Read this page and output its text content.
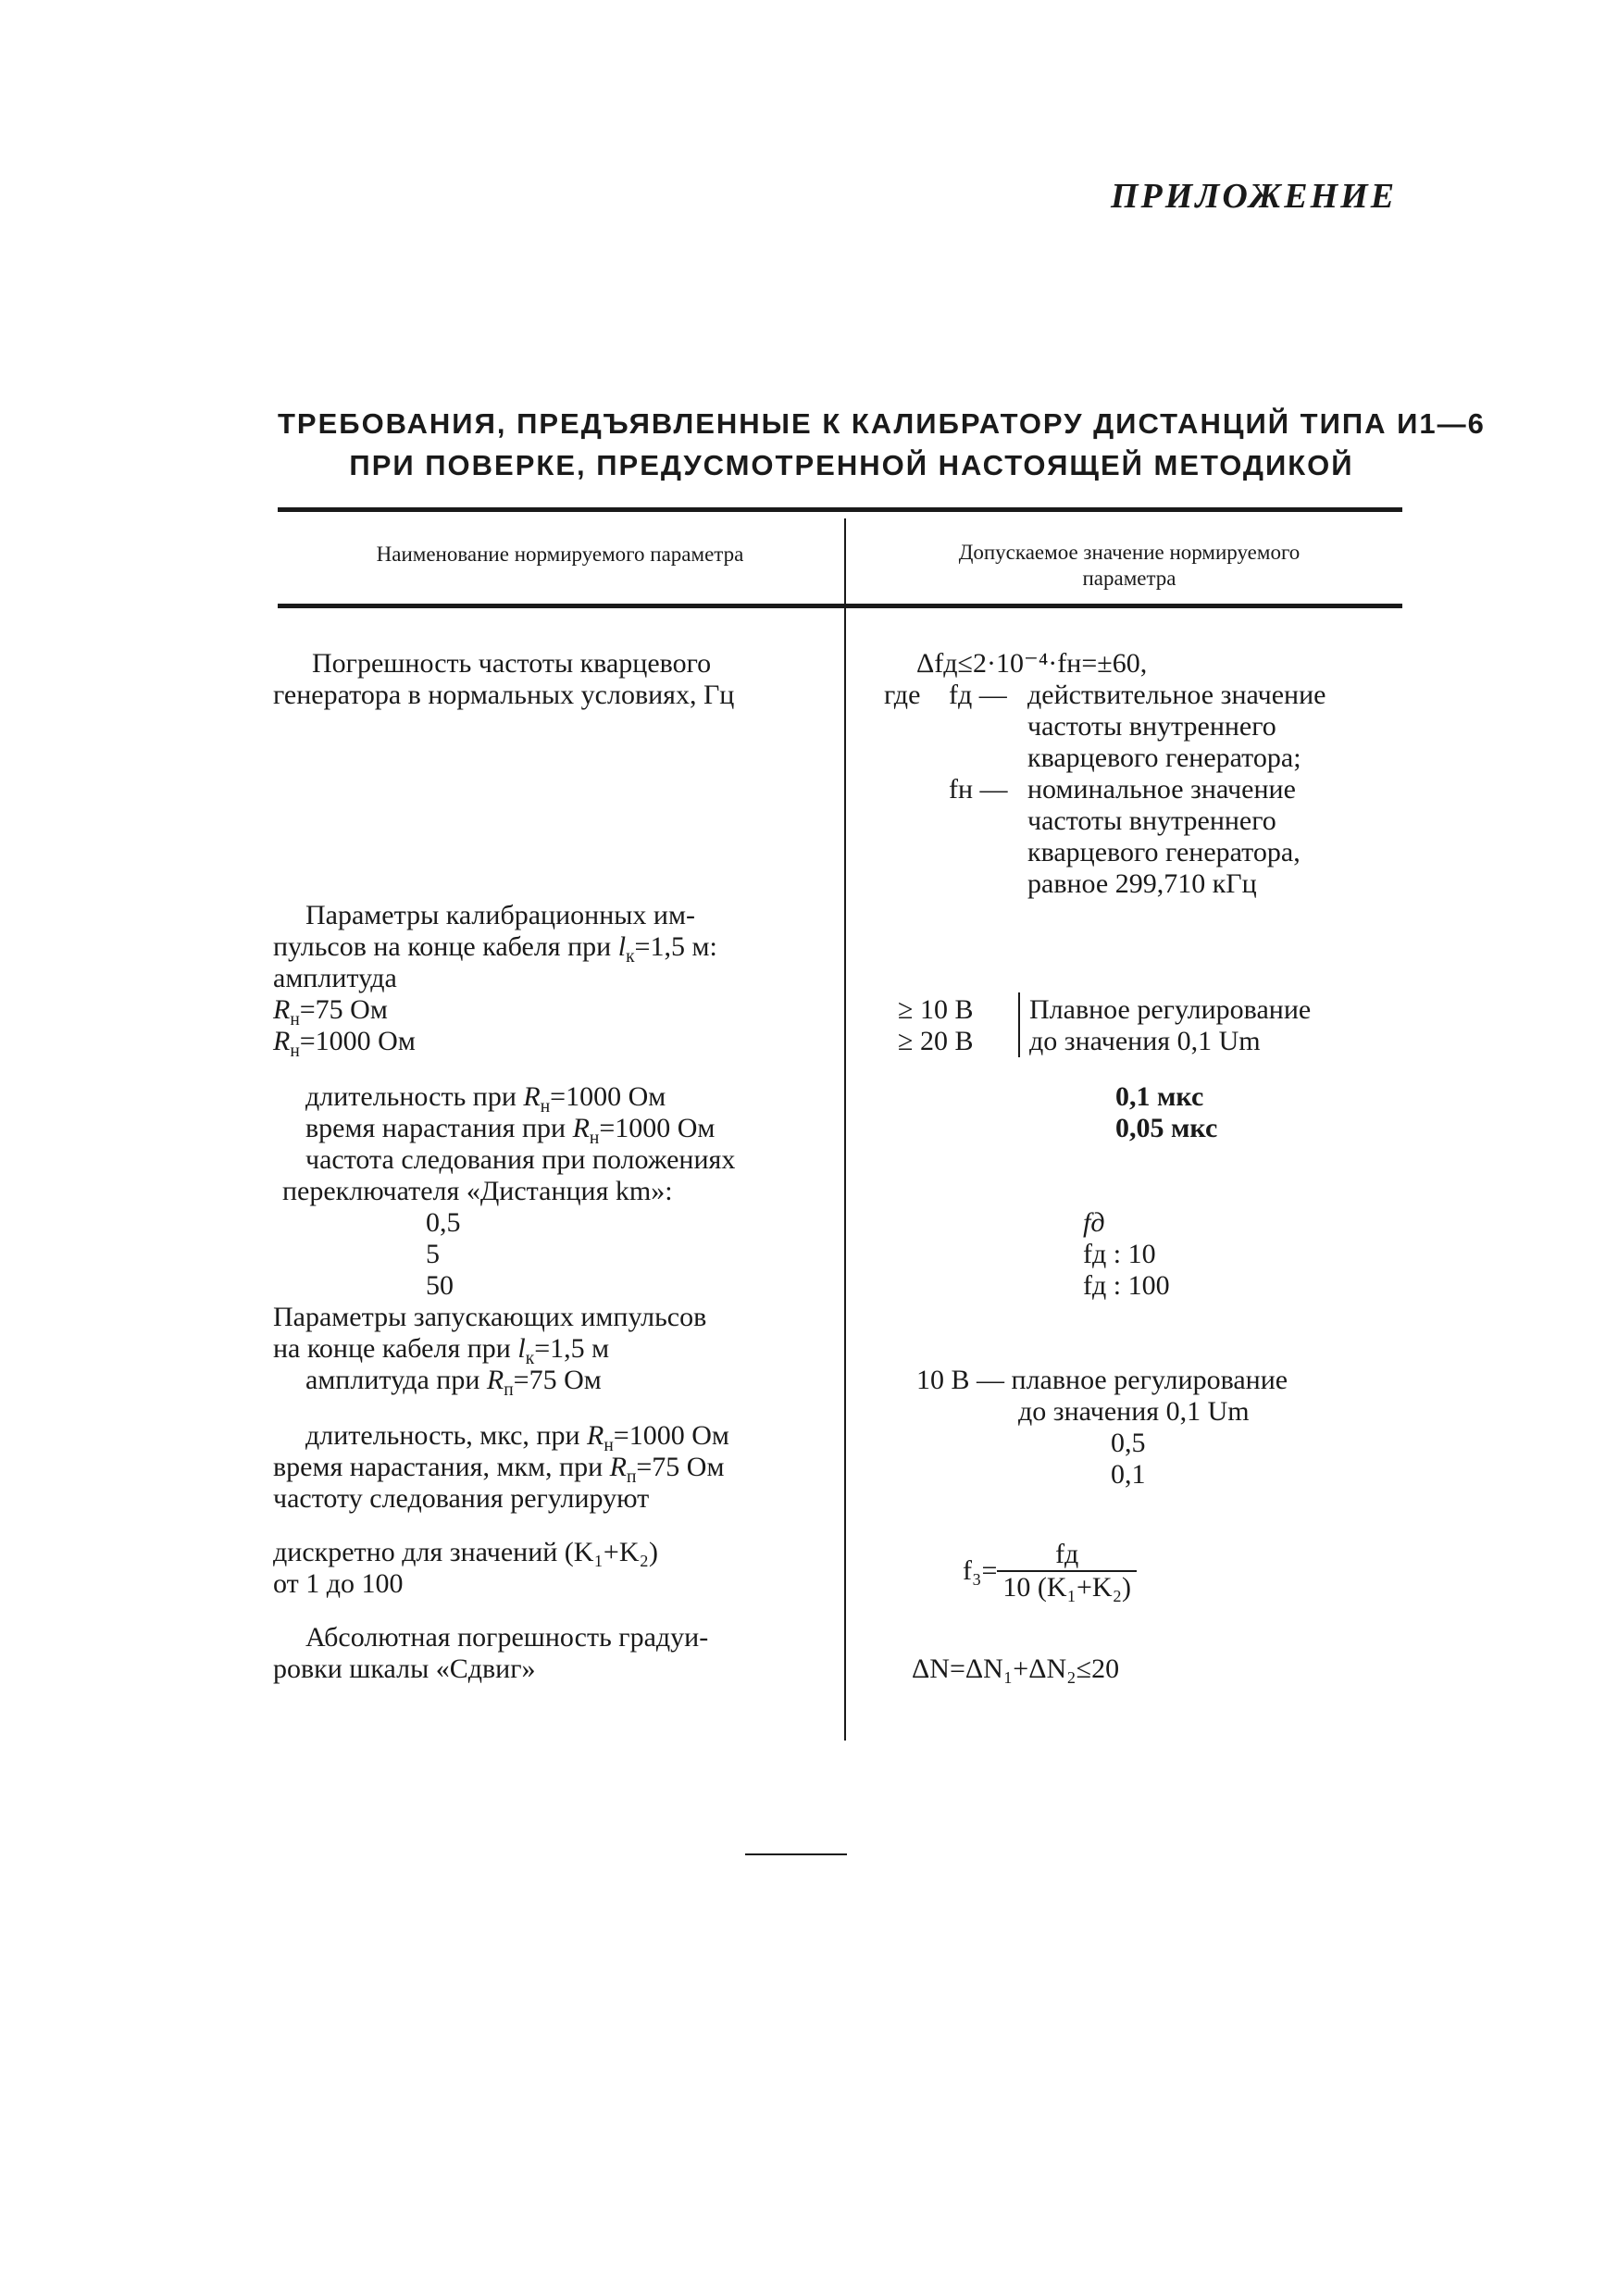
ПРИЛОЖЕНИЕ
ТРЕБОВАНИЯ, ПРЕДЪЯВЛЕННЫЕ К КАЛИБРАТОРУ ДИСТАНЦИЙ ТИПА И1—6
ПРИ ПОВЕРКЕ, ПРЕДУСМОТРЕННОЙ НАСТОЯЩЕЙ МЕТОДИКОЙ
Наименование нормируемого параметра	Допускаемое значение нормируемого параметра
Погрешность частоты кварцевого
генератора в нормальных условиях, Гц
Параметры калибрационных им-
пульсов на конце кабеля при $l_к=1,5$ м:
амплитуда
$R_н=75$ Ом
$R_н=1000$ Ом
длительность при $R_н=1000$ Ом
время нарастания при $R_н=1000$ Ом
частота следования при положениях
переключателя «Дистанция km»:
0,5
5
50
Параметры запускающих импульсов
на конце кабеля при $l_к=1,5$ м
амплитуда при $R_п=75$ Ом
длительность, мкс, при $R_н=1000$ Ом
время нарастания, мкм, при $R_п=75$ Ом
частоту следования регулируют
дискретно для значений (K₁+K₂)
от 1 до 100
Абсолютная погрешность градуи-
ровки шкалы «Сдвиг»
Δfд≤2·10⁻⁴·fн=±60,
где fд — действительное значение
частоты внутреннего
кварцевого генератора;
fн — номинальное значение
частоты внутреннего
кварцевого генератора,
равное 299,710 кГц
≥ 10 В
≥ 20 В
Плавное регулирование
до значения 0,1 Um
0,1 мкс
0,05 мкс
fд
fд : 10
fд : 100
10 В — плавное регулирование
до значения 0,1 Um
0,5
0,1
$f_3= \frac{fд}{\text{10 (K₁+K₂)}}$
ΔN=ΔN₁+ΔN₂≤20
